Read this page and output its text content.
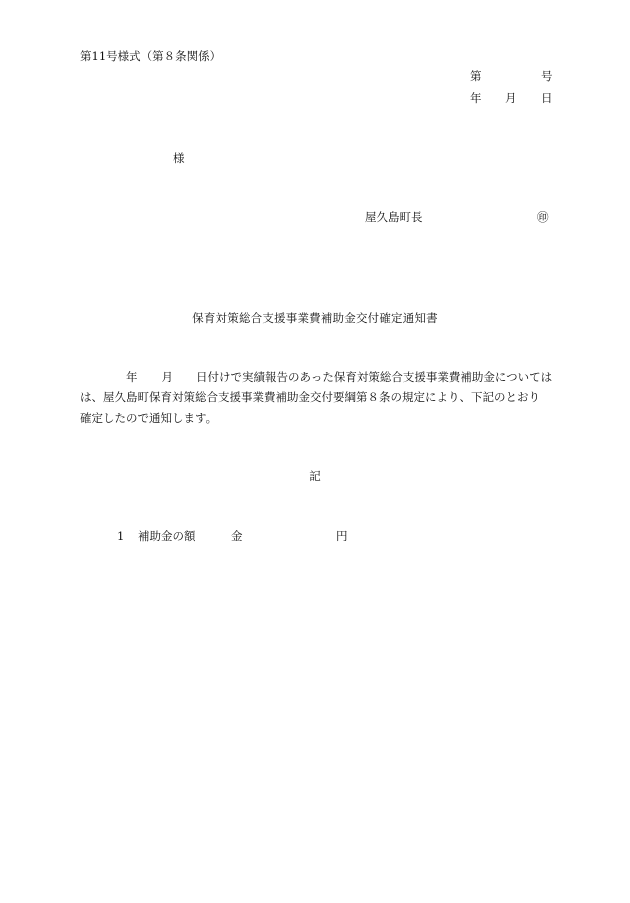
第11号様式（第８条関係）
第	号
年 月 日
様
屋久島町長	㊞
保育対策総合支援事業費補助金交付確定通知書
年 月 日付けで実績報告のあった保育対策総合支援事業費補助金については
は、屋久島町保育対策総合支援事業費補助金交付要綱第８条の規定により、下記のとおり
確定したので通知します。
記
1 補助金の額	金	円
